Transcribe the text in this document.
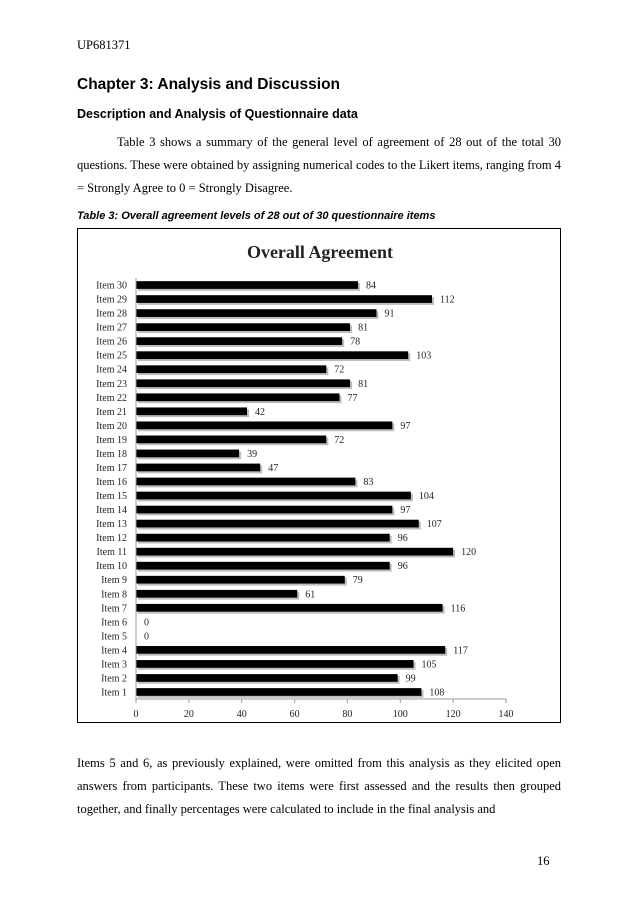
UP681371
Chapter 3: Analysis and Discussion
Description and Analysis of Questionnaire data
Table 3 shows a summary of the general level of agreement of 28 out of the total 30 questions. These were obtained by assigning numerical codes to the Likert items, ranging from 4 = Strongly Agree to 0 = Strongly Disagree.
Table 3: Overall agreement levels of 28 out of 30 questionnaire items
Overall Agreement
Item 1
Item 2
Item 3
Item 4
Item 5
Item 6
Item 7
Item 8
Item 9
Item 10
Item 11
Item 12
Item 13
Item 14
Item 15
Item 16
Item 17
Item 18
Item 19
Item 20
Item 21
Item 22
Item 23
Item 24
Item 25
Item 26
Item 27
Item 28
Item 29
Item 30
108
99
105
117
0
0
116
61
79
96
120
96
107
97
104
83
47
39
72
97
42
77
81
72
103
78
81
91
112
84
0	20	40	60	80	100	120	140
Items 5 and 6, as previously explained, were omitted from this analysis as they elicited open answers from participants. These two items were first assessed and the results then grouped together, and finally percentages were calculated to include in the final analysis and
16
